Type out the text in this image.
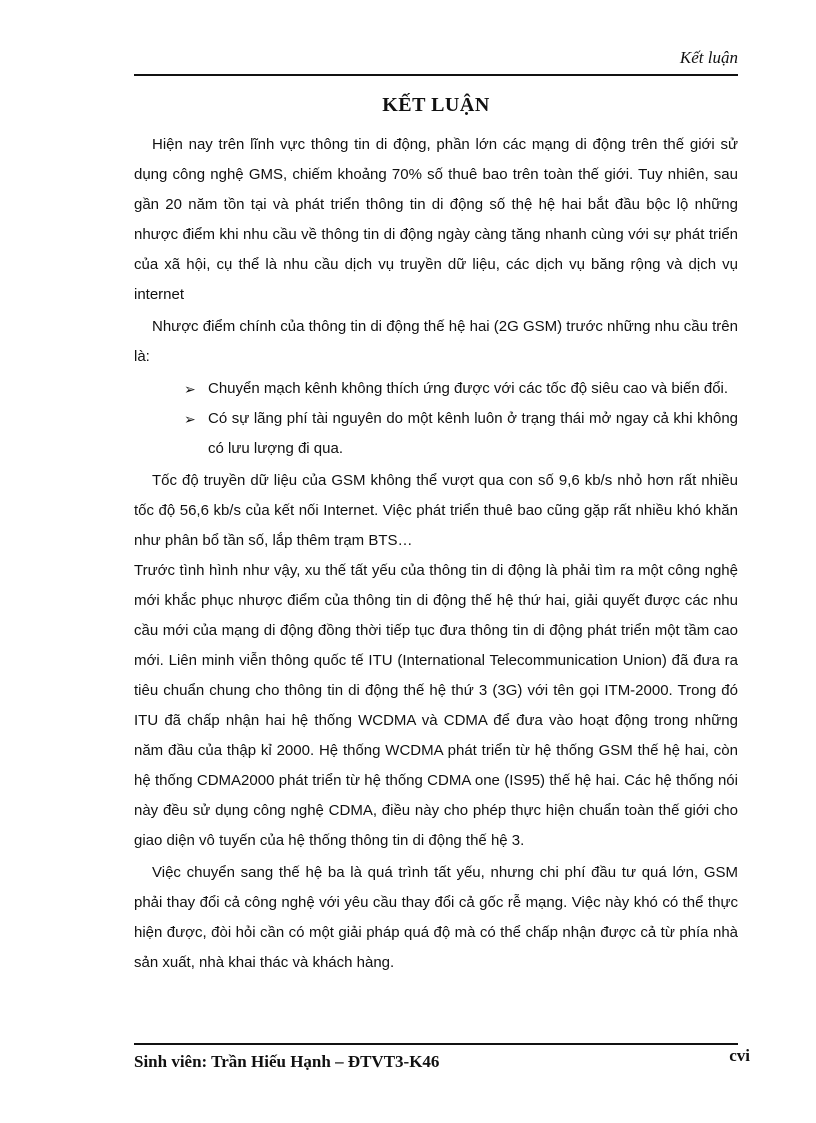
Kết luận
KẾT LUẬN

Hiện nay trên lĩnh vực thông tin di động, phần lớn các mạng di động trên thế giới sử dụng công nghệ GMS, chiếm khoảng 70% số thuê bao trên toàn thế giới. Tuy nhiên, sau gần 20 năm tồn tại và phát triển thông tin di động số thệ hệ hai bắt đầu bộc lộ những nhược điểm khi nhu cầu về thông tin di động ngày càng tăng nhanh cùng với sự phát triển của xã hội, cụ thể là nhu cầu dịch vụ truyền dữ liệu, các dịch vụ băng rộng và dịch vụ internet

Nhược điểm chính của thông tin di động thế hệ hai (2G GSM) trước những nhu cầu trên là:

➢ Chuyển mạch kênh không thích ứng được với các tốc độ siêu cao và biến đổi.
➢ Có sự lãng phí tài nguyên do một kênh luôn ở trạng thái mở ngay cả khi không có lưu lượng đi qua.

Tốc độ truyền dữ liệu của GSM không thể vượt qua con số 9,6 kb/s nhỏ hơn rất nhiều tốc độ 56,6 kb/s của kết nối Internet. Việc phát triển thuê bao cũng gặp rất nhiều khó khăn như phân bổ tần số, lắp thêm trạm BTS…

Trước tình hình như vậy, xu thế tất yếu của thông tin di động là phải tìm ra một công nghệ mới khắc phục nhược điểm của thông tin di động thế hệ thứ hai, giải quyết được các nhu cầu mới của mạng di động đồng thời tiếp tục đưa thông tin di động phát triển một tầm cao mới. Liên minh viễn thông quốc tế ITU (International Telecommunication Union) đã đưa ra tiêu chuẩn chung cho thông tin di động thế hệ thứ 3 (3G) với tên gọi ITM-2000. Trong đó ITU đã chấp nhận hai hệ thống WCDMA và CDMA để đưa vào hoạt động trong những năm đầu của thập kỉ 2000. Hệ thống WCDMA phát triển từ hệ thống GSM thế hệ hai, còn hệ thống CDMA2000 phát triển từ hệ thống CDMA one (IS95) thế hệ hai. Các hệ thống nói này đều sử dụng công nghệ CDMA, điều này cho phép thực hiện chuẩn toàn thế giới cho giao diện vô tuyến của hệ thống thông tin di động thế hệ 3.

Việc chuyển sang thế hệ ba là quá trình tất yếu, nhưng chi phí đầu tư quá lớn, GSM phải thay đổi cả công nghệ với yêu cầu thay đổi cả gốc rễ mạng. Việc này khó có thể thực hiện được, đòi hỏi cần có một giải pháp quá độ mà có thể chấp nhận được cả từ phía nhà sản xuất, nhà khai thác và khách hàng.

Sinh viên: Trần Hiếu Hạnh – ĐTVT3-K46	cvi
